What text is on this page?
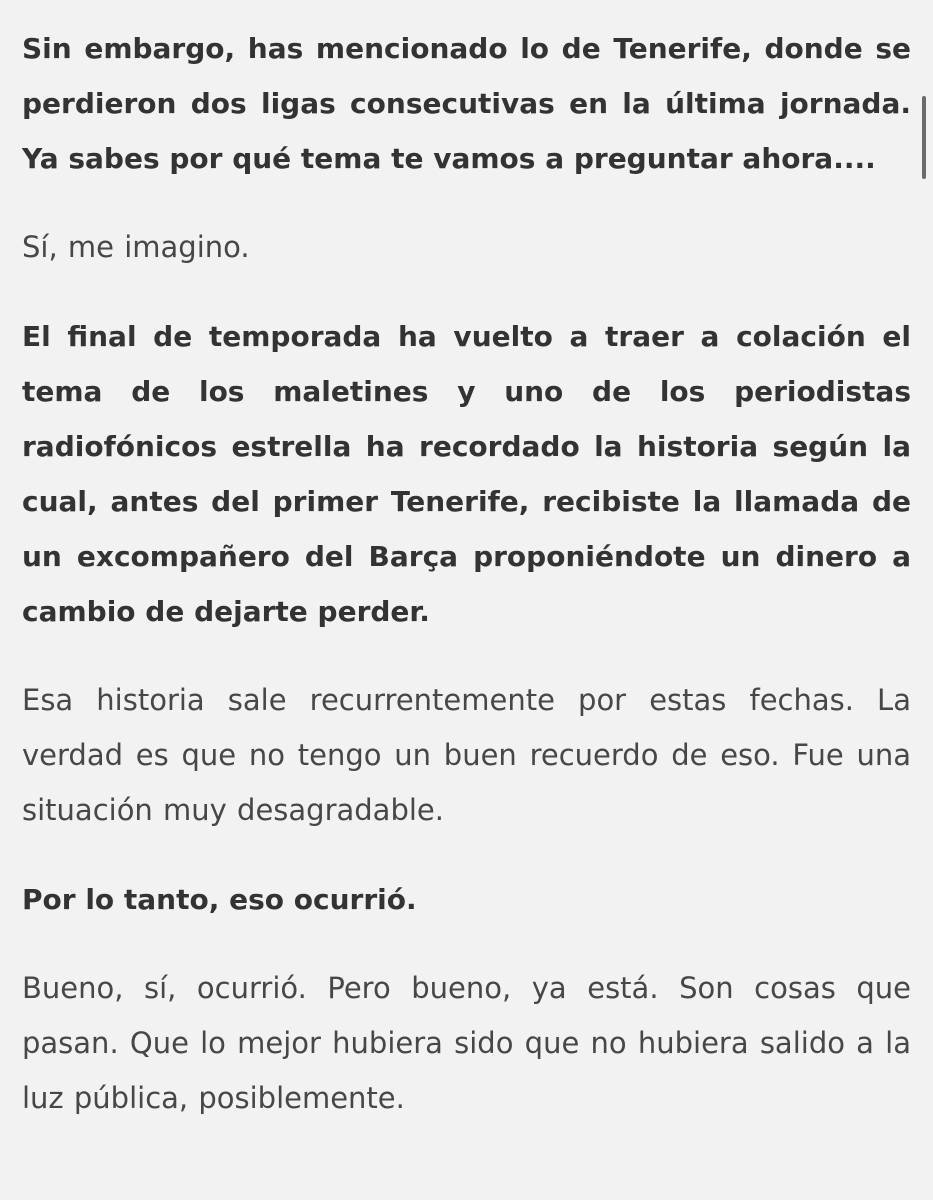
Sin embargo, has mencionado lo de Tenerife, donde se perdieron dos ligas consecutivas en la última jornada. Ya sabes por qué tema te vamos a preguntar ahora....

Sí, me imagino.

El final de temporada ha vuelto a traer a colación el tema de los maletines y uno de los periodistas radiofónicos estrella ha recordado la historia según la cual, antes del primer Tenerife, recibiste la llamada de un excompañero del Barça proponiéndote un dinero a cambio de dejarte perder.

Esa historia sale recurrentemente por estas fechas. La verdad es que no tengo un buen recuerdo de eso. Fue una situación muy desagradable.

Por lo tanto, eso ocurrió.

Bueno, sí, ocurrió. Pero bueno, ya está. Son cosas que pasan. Que lo mejor hubiera sido que no hubiera salido a la luz pública, posiblemente.
